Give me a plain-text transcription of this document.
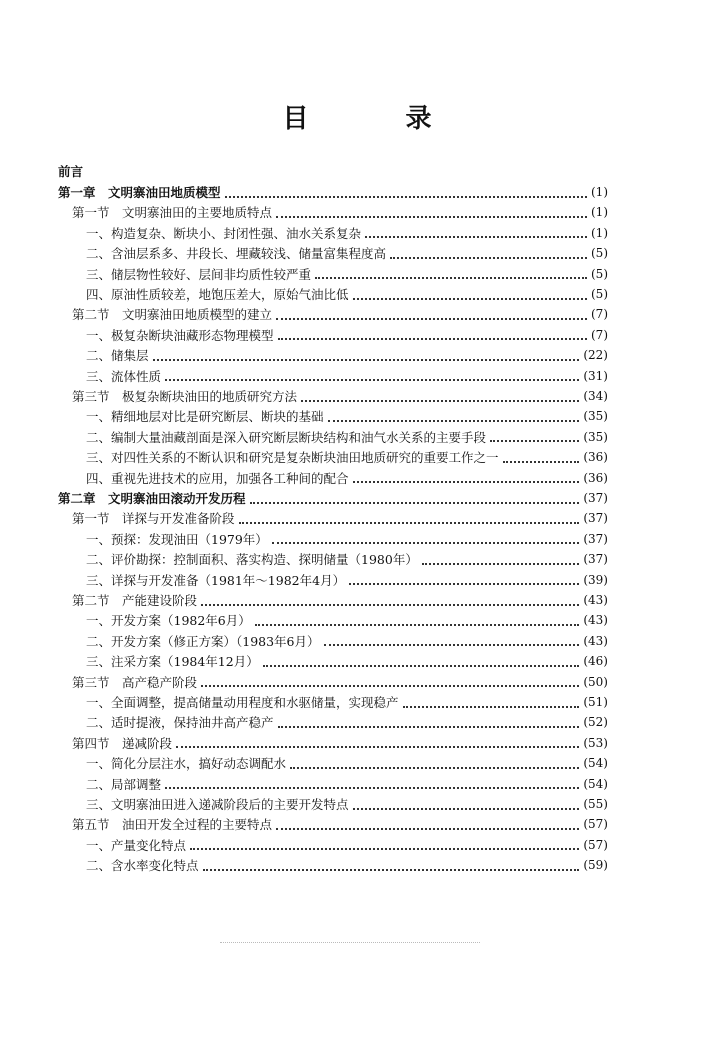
目 录
前言
第一章　文明寨油田地质模型	(1)
第一节　文明寨油田的主要地质特点	(1)
一、构造复杂、断块小、封闭性强、油水关系复杂	(1)
二、含油层系多、井段长、埋藏较浅、储量富集程度高	(5)
三、储层物性较好、层间非均质性较严重	(5)
四、原油性质较差，地饱压差大，原始气油比低	(5)
第二节　文明寨油田地质模型的建立	(7)
一、极复杂断块油藏形态物理模型	(7)
二、储集层	(22)
三、流体性质	(31)
第三节　极复杂断块油田的地质研究方法	(34)
一、精细地层对比是研究断层、断块的基础	(35)
二、编制大量油藏剖面是深入研究断层断块结构和油气水关系的主要手段	(35)
三、对四性关系的不断认识和研究是复杂断块油田地质研究的重要工作之一	(36)
四、重视先进技术的应用，加强各工种间的配合	(36)
第二章　文明寨油田滚动开发历程	(37)
第一节　详探与开发准备阶段	(37)
一、预探：发现油田（1979年）	(37)
二、评价勘探：控制面积、落实构造、探明储量（1980年）	(37)
三、详探与开发准备（1981年～1982年4月）	(39)
第二节　产能建设阶段	(43)
一、开发方案（1982年6月）	(43)
二、开发方案（修正方案）（1983年6月）	(43)
三、注采方案（1984年12月）	(46)
第三节　高产稳产阶段	(50)
一、全面调整，提高储量动用程度和水驱储量，实现稳产	(51)
二、适时提液，保持油井高产稳产	(52)
第四节　递减阶段	(53)
一、简化分层注水，搞好动态调配水	(54)
二、局部调整	(54)
三、文明寨油田进入递减阶段后的主要开发特点	(55)
第五节　油田开发全过程的主要特点	(57)
一、产量变化特点	(57)
二、含水率变化特点	(59)
